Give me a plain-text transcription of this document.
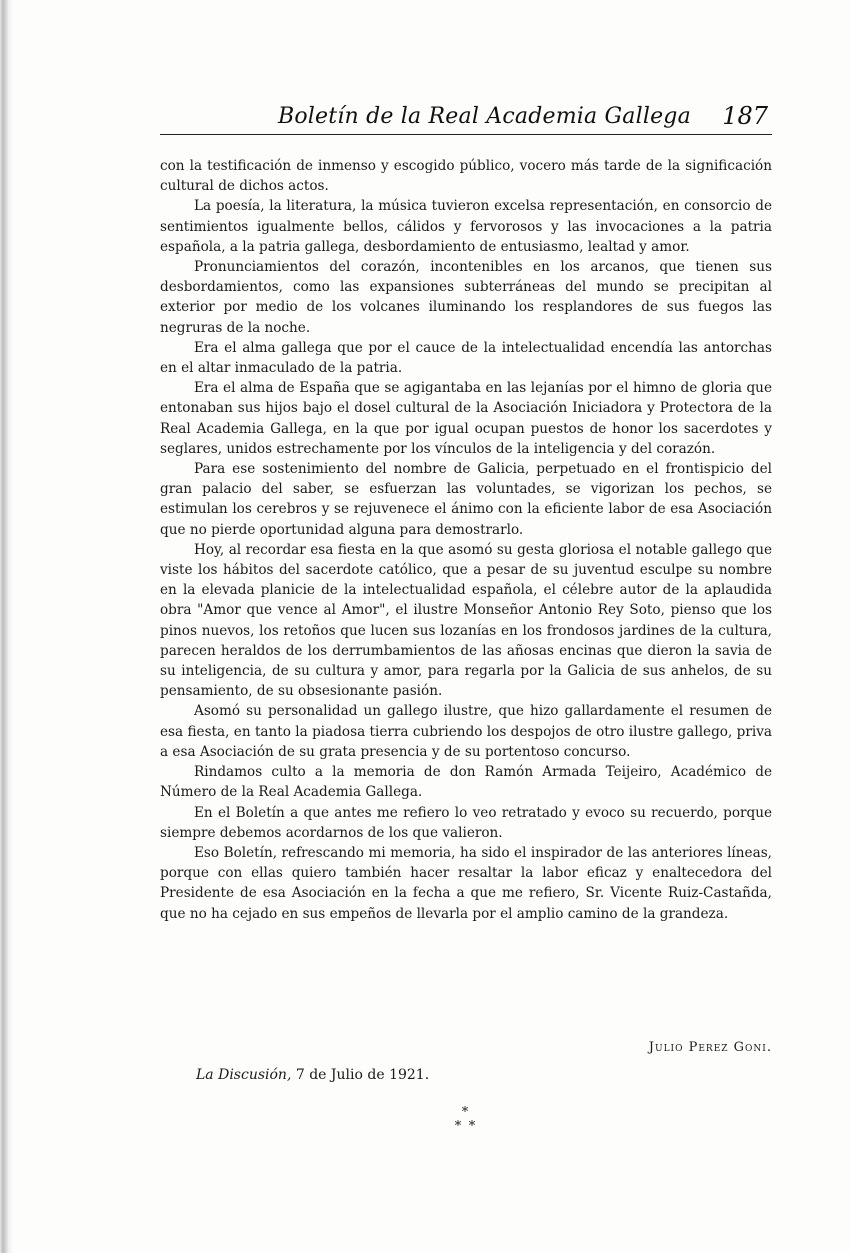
Boletín de la Real Academia Gallega 187

con la testificación de inmenso y escogido público, vocero más tarde de la significación cultural de dichos actos.

La poesía, la literatura, la música tuvieron excelsa representación, en consorcio de sentimientos igualmente bellos, cálidos y fervorosos y las invocaciones a la patria española, a la patria gallega, desbordamiento de entusiasmo, lealtad y amor.

Pronunciamientos del corazón, incontenibles en los arcanos, que tienen sus desbordamientos, como las expansiones subterráneas del mundo se precipitan al exterior por medio de los volcanes iluminando los resplandores de sus fuegos las negruras de la noche.

Era el alma gallega que por el cauce de la intelectualidad encendía las antorchas en el altar inmaculado de la patria.

Era el alma de España que se agigantaba en las lejanías por el himno de gloria que entonaban sus hijos bajo el dosel cultural de la Asociación Iniciadora y Protectora de la Real Academia Gallega, en la que por igual ocupan puestos de honor los sacerdotes y seglares, unidos estrechamente por los vínculos de la inteligencia y del corazón.

Para ese sostenimiento del nombre de Galicia, perpetuado en el frontispicio del gran palacio del saber, se esfuerzan las voluntades, se vigorizan los pechos, se estimulan los cerebros y se rejuvenece el ánimo con la eficiente labor de esa Asociación que no pierde oportunidad alguna para demostrarlo.

Hoy, al recordar esa fiesta en la que asomó su gesta gloriosa el notable gallego que viste los hábitos del sacerdote católico, que a pesar de su juventud esculpe su nombre en la elevada planicie de la intelectualidad española, el célebre autor de la aplaudida obra "Amor que vence al Amor", el ilustre Monseñor Antonio Rey Soto, pienso que los pinos nuevos, los retoños que lucen sus lozanías en los frondosos jardines de la cultura, parecen heraldos de los derrumbamientos de las añosas encinas que dieron la savia de su inteligencia, de su cultura y amor, para regarla por la Galicia de sus anhelos, de su pensamiento, de su obsesionante pasión.

Asomó su personalidad un gallego ilustre, que hizo gallardamente el resumen de esa fiesta, en tanto la piadosa tierra cubriendo los despojos de otro ilustre gallego, priva a esa Asociación de su grata presencia y de su portentoso concurso.

Rindamos culto a la memoria de don Ramón Armada Teijeiro, Académico de Número de la Real Academia Gallega.

En el Boletín a que antes me refiero lo veo retratado y evoco su recuerdo, porque siempre debemos acordarnos de los que valieron.

Eso Boletín, refrescando mi memoria, ha sido el inspirador de las anteriores líneas, porque con ellas quiero también hacer resaltar la labor eficaz y enaltecedora del Presidente de esa Asociación en la fecha a que me refiero, Sr. Vicente Ruiz-Castañda, que no ha cejado en sus empeños de llevarla por el amplio camino de la grandeza.

Julio Perez Goni.
La Discusión, 7 de Julio de 1921.
*
* *
